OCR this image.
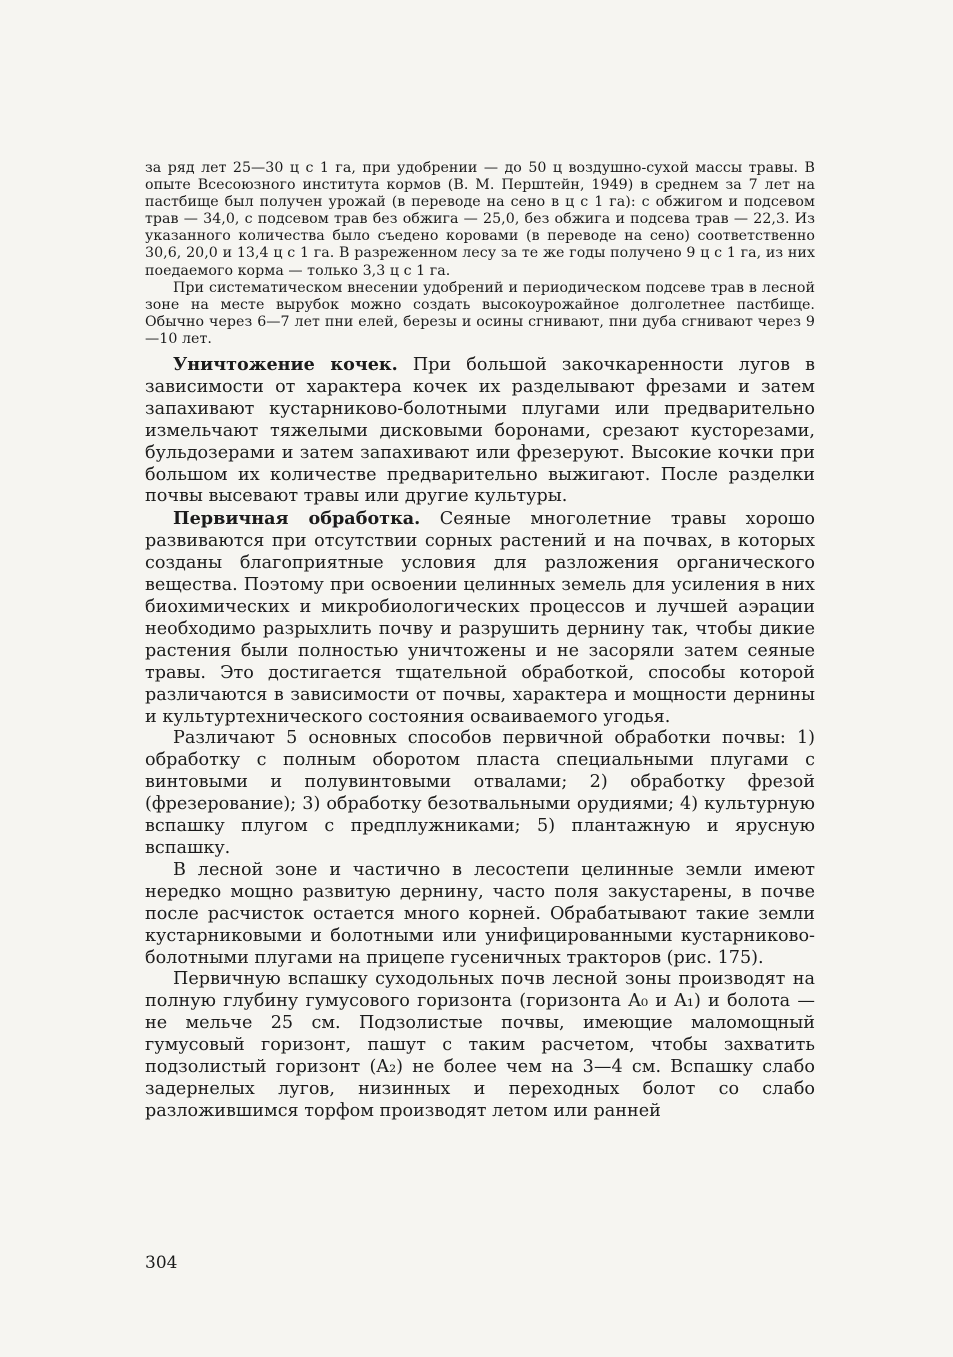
за ряд лет 25—30 ц с 1 га, при удобрении — до 50 ц воздушно-сухой массы травы. В опыте Всесоюзного института кормов (В. М. Перштейн, 1949) в среднем за 7 лет на пастбище был получен урожай (в переводе на сено в ц с 1 га): с обжигом и подсевом трав — 34,0, с подсевом трав без обжига — 25,0, без обжига и подсева трав — 22,3. Из указанного количества было съедено коровами (в переводе на сено) соответственно 30,6, 20,0 и 13,4 ц с 1 га. В разреженном лесу за те же годы получено 9 ц с 1 га, из них поедаемого корма — только 3,3 ц с 1 га.

При систематическом внесении удобрений и периодическом подсеве трав в лесной зоне на месте вырубок можно создать высокоурожайное долголетнее пастбище. Обычно через 6—7 лет пни елей, березы и осины сгнивают, пни дуба сгнивают через 9—10 лет.

Уничтожение кочек. При большой закочкаренности лугов в зависимости от характера кочек их разделывают фрезами и затем запахивают кустарниково-болотными плугами или предварительно измельчают тяжелыми дисковыми боронами, срезают кусторезами, бульдозерами и затем запахивают или фрезеруют. Высокие кочки при большом их количестве предварительно выжигают. После разделки почвы высевают травы или другие культуры.

Первичная обработка. Сеяные многолетние травы хорошо развиваются при отсутствии сорных растений и на почвах, в которых созданы благоприятные условия для разложения органического вещества. Поэтому при освоении целинных земель для усиления в них биохимических и микробиологических процессов и лучшей аэрации необходимо разрыхлить почву и разрушить дернину так, чтобы дикие растения были полностью уничтожены и не засоряли затем сеяные травы. Это достигается тщательной обработкой, способы которой различаются в зависимости от почвы, характера и мощности дернины и культуртехнического состояния осваиваемого угодья.

Различают 5 основных способов первичной обработки почвы: 1) обработку с полным оборотом пласта специальными плугами с винтовыми и полувинтовыми отвалами; 2) обработку фрезой (фрезерование); 3) обработку безотвальными орудиями; 4) культурную вспашку плугом с предплужниками; 5) плантажную и ярусную вспашку.

В лесной зоне и частично в лесостепи целинные земли имеют нередко мощно развитую дернину, часто поля закустарены, в почве после расчисток остается много корней. Обрабатывают такие земли кустарниковыми и болотными или унифицированными кустарниково-болотными плугами на прицепе гусеничных тракторов (рис. 175).

Первичную вспашку суходольных почв лесной зоны производят на полную глубину гумусового горизонта (горизонта A₀ и A₁) и болота — не мельче 25 см. Подзолистые почвы, имеющие маломощный гумусовый горизонт, пашут с таким расчетом, чтобы захватить подзолистый горизонт (A₂) не более чем на 3—4 см. Вспашку слабо задернелых лугов, низинных и переходных болот со слабо разложившимся торфом производят летом или ранней

304
